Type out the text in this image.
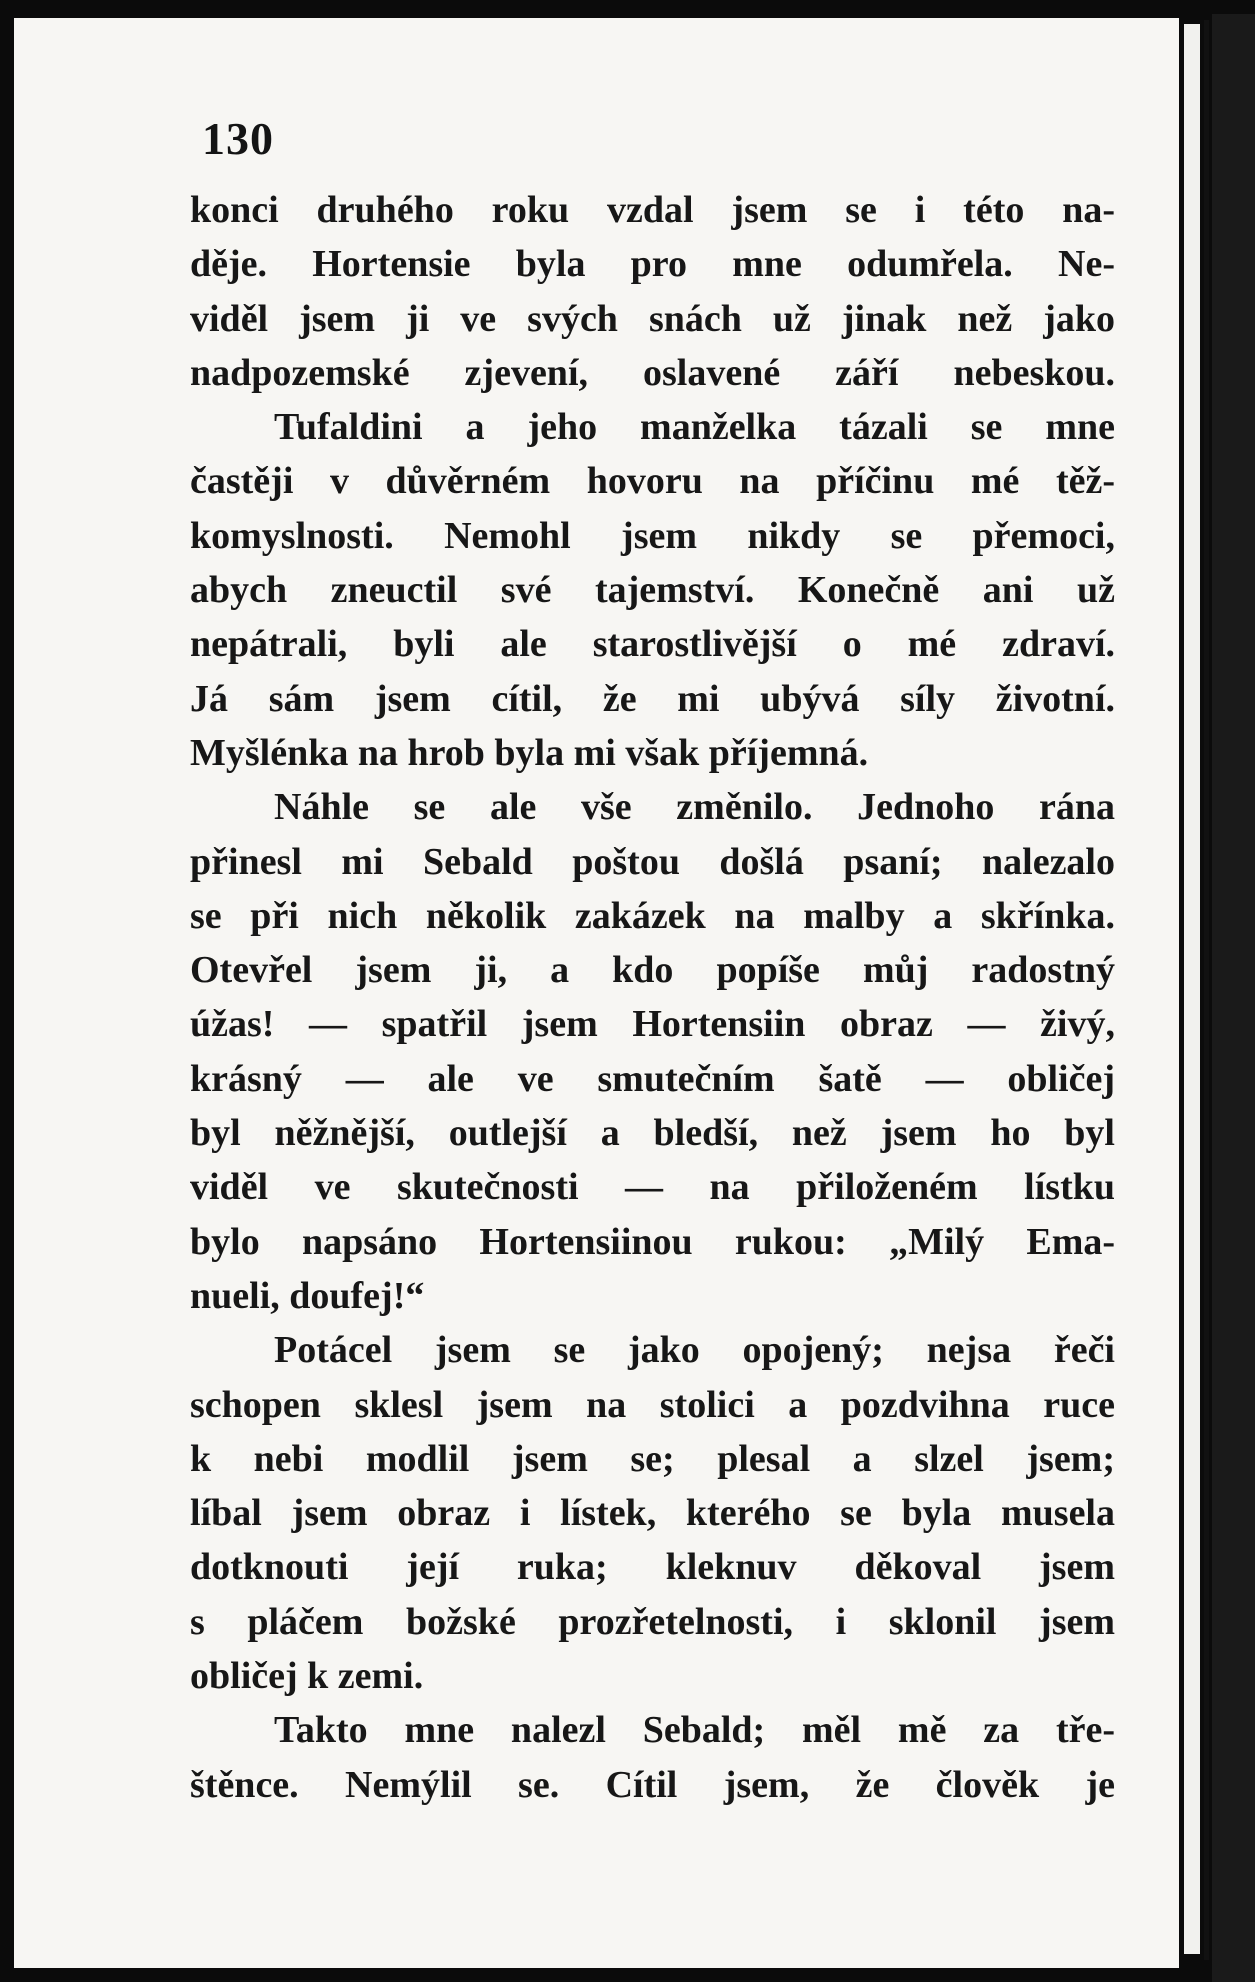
130

konci druhého roku vzdal jsem se i této na-
děje. Hortensie byla pro mne odumřela. Ne-
viděl jsem ji ve svých snách už jinak než jako
nadpozemské zjevení, oslavené září nebeskou.
Tufaldini a jeho manželka tázali se mne
častěji v důvěrném hovoru na příčinu mé těž-
komyslnosti. Nemohl jsem nikdy se přemoci,
abych zneuctil své tajemství. Konečně ani už
nepátrali, byli ale starostlivější o mé zdraví.
Já sám jsem cítil, že mi ubývá síly životní.
Myšlénka na hrob byla mi však příjemná.
Náhle se ale vše změnilo. Jednoho rána
přinesl mi Sebald poštou došlá psaní; nalezalo
se při nich několik zakázek na malby a skřínka.
Otevřel jsem ji, a kdo popíše můj radostný
úžas! — spatřil jsem Hortensiin obraz — živý,
krásný — ale ve smutečním šatě — obličej
byl něžnější, outlejší a bledší, než jsem ho byl
viděl ve skutečnosti — na přiloženém lístku
bylo napsáno Hortensiinou rukou: „Milý Ema-
nueli, doufej!“
Potácel jsem se jako opojený; nejsa řeči
schopen sklesl jsem na stolici a pozdvihna ruce
k nebi modlil jsem se; plesal a slzel jsem;
líbal jsem obraz i lístek, kterého se byla musela
dotknouti její ruka; kleknuv děkoval jsem
s pláčem božské prozřetelnosti, i sklonil jsem
obličej k zemi.
Takto mne nalezl Sebald; měl mě za tře-
štěnce. Nemýlil se. Cítil jsem, že člověk je
